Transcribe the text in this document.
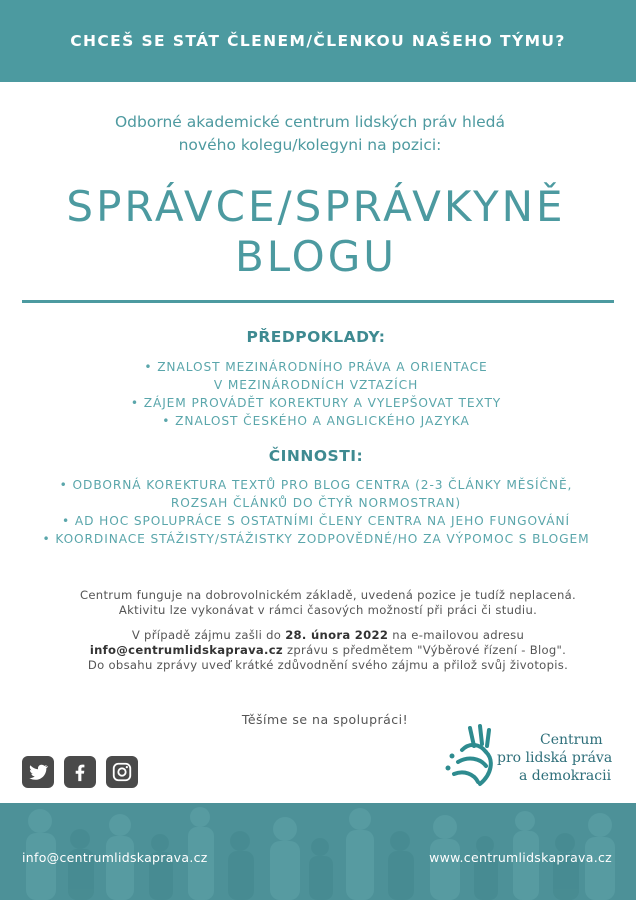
CHCEŠ SE STÁT ČLENEM/ČLENKOU NAŠEHO TÝMU?
Odborné akademické centrum lidských práv hledá
nového kolegu/kolegyni na pozici:
SPRÁVCE/SPRÁVKYNĚ
BLOGU
PŘEDPOKLADY:
• ZNALOST MEZINÁRODNÍHO PRÁVA A ORIENTACE
V MEZINÁRODNÍCH VZTAZÍCH
• ZÁJEM PROVÁDĚT KOREKTURY A VYLEPŠOVAT TEXTY
• ZNALOST ČESKÉHO A ANGLICKÉHO JAZYKA
ČINNOSTI:
• ODBORNÁ KOREKTURA TEXTŮ PRO BLOG CENTRA (2-3 ČLÁNKY MĚSÍČNĚ,
ROZSAH ČLÁNKŮ DO ČTYŘ NORMOSTRAN)
• AD HOC SPOLUPRÁCE S OSTATNÍMI ČLENY CENTRA NA JEHO FUNGOVÁNÍ
• KOORDINACE STÁŽISTY/STÁŽISTKY ZODPOVĚDNÉ/HO ZA VÝPOMOC S BLOGEM
Centrum funguje na dobrovolnickém základě, uvedená pozice je tudíž neplacená.
Aktivitu lze vykonávat v rámci časových možností při práci či studiu.
V případě zájmu zašli do 28. února 2022 na e-mailovou adresu
info@centrumlidskaprava.cz zprávu s předmětem "Výběrové řízení - Blog".
Do obsahu zprávy uveď krátké zdůvodnění svého zájmu a přilož svůj životopis.
Těšíme se na spolupráci!
Centrum
pro lidská práva
a demokracii
info@centrumlidskaprava.cz	www.centrumlidskaprava.cz
